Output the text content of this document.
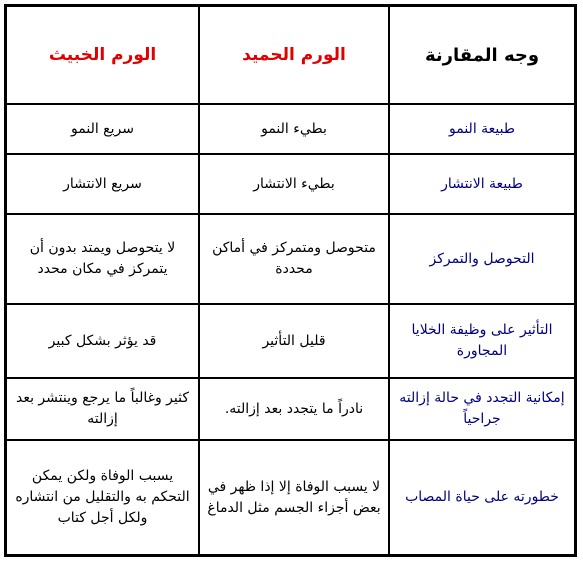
وجه المقارنة
الورم الحميد
الورم الخبيث
طبيعة النمو
بطيء النمو
سريع النمو
طبيعة الانتشار
بطيء الانتشار
سريع الانتشار
التحوصل والتمركز
متحوصل ومتمركز في أماكن محددة
لا يتحوصل ويمتد بدون أن يتمركز في مكان محدد
التأثير على وظيفة الخلايا المجاورة
قليل التأثير
قد يؤثر بشكل كبير
إمكانية التجدد في حالة إزالته جراحياً
نادراً ما يتجدد بعد إزالته.
كثير وغالباً ما يرجع وينتشر بعد إزالته
خطورته على حياة المصاب
لا يسبب الوفاة إلا إذا ظهر في بعض أجزاء الجسم مثل الدماغ
يسبب الوفاة ولكن يمكن التحكم به والتقليل من انتشاره ولكل أجل كتاب
